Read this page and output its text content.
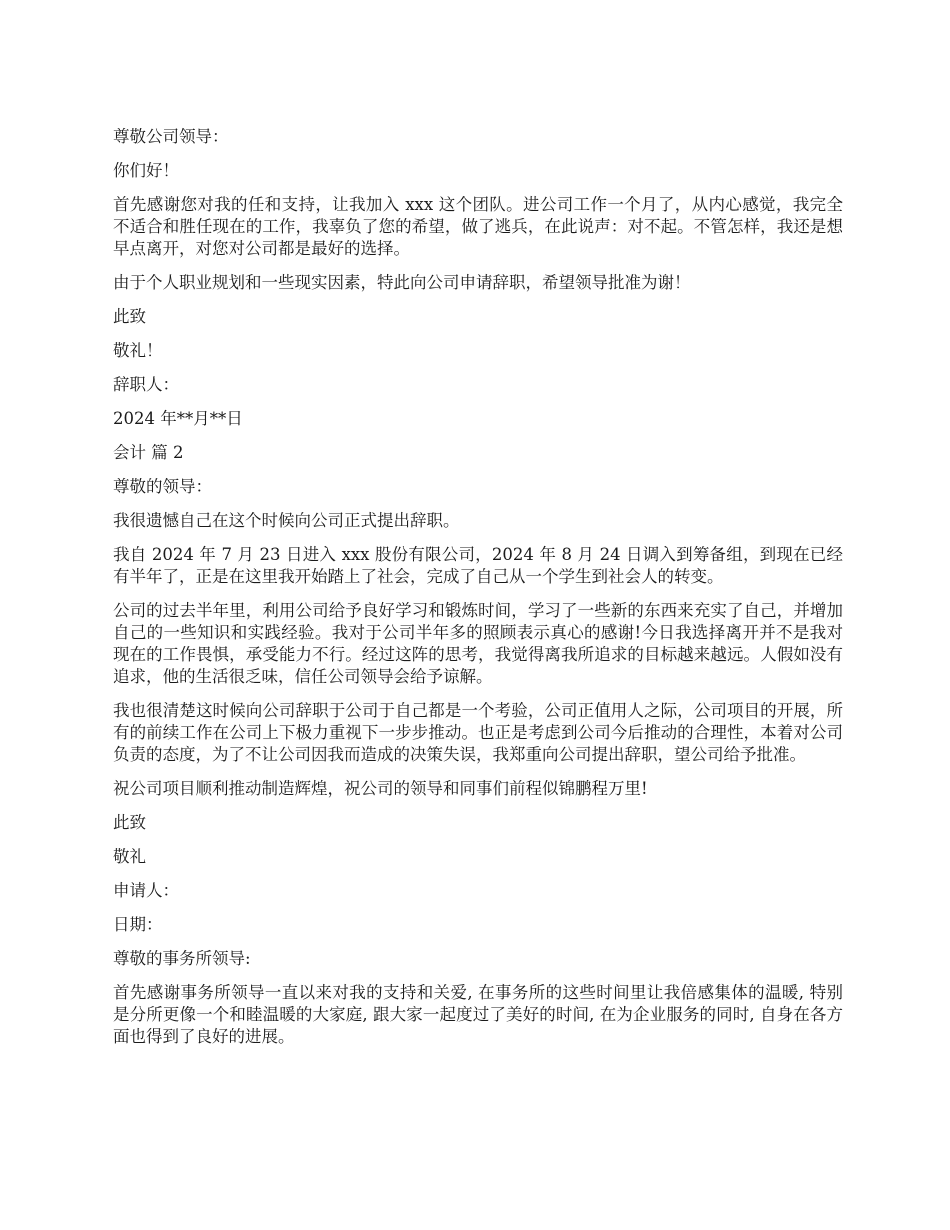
尊敬公司领导：

你们好！

首先感谢您对我的任和支持，让我加入 xxx 这个团队。进公司工作一个月了，从内心感觉，我完全不适合和胜任现在的工作，我辜负了您的希望，做了逃兵，在此说声：对不起。不管怎样，我还是想早点离开，对您对公司都是最好的选择。

由于个人职业规划和一些现实因素，特此向公司申请辞职，希望领导批准为谢！

此致

敬礼！

辞职人：

2024 年**月**日

会计 篇 2

尊敬的领导：

我很遗憾自己在这个时候向公司正式提出辞职。

我自 2024 年 7 月 23 日进入 xxx 股份有限公司，2024 年 8 月 24 日调入到筹备组，到现在已经有半年了，正是在这里我开始踏上了社会，完成了自己从一个学生到社会人的转变。

公司的过去半年里，利用公司给予良好学习和锻炼时间，学习了一些新的东西来充实了自己，并增加自己的一些知识和实践经验。我对于公司半年多的照顾表示真心的感谢!今日我选择离开并不是我对现在的工作畏惧，承受能力不行。经过这阵的思考，我觉得离我所追求的目标越来越远。人假如没有追求，他的生活很乏味，信任公司领导会给予谅解。

我也很清楚这时候向公司辞职于公司于自己都是一个考验，公司正值用人之际，公司项目的开展，所有的前续工作在公司上下极力重视下一步步推动。也正是考虑到公司今后推动的合理性，本着对公司负责的态度，为了不让公司因我而造成的决策失误，我郑重向公司提出辞职，望公司给予批准。

祝公司项目顺利推动制造辉煌，祝公司的领导和同事们前程似锦鹏程万里!

此致

敬礼

申请人：

日期：

尊敬的事务所领导:

首先感谢事务所领导一直以来对我的支持和关爱, 在事务所的这些时间里让我倍感集体的温暖, 特别是分所更像一个和睦温暖的大家庭, 跟大家一起度过了美好的时间, 在为企业服务的同时, 自身在各方面也得到了良好的进展。
